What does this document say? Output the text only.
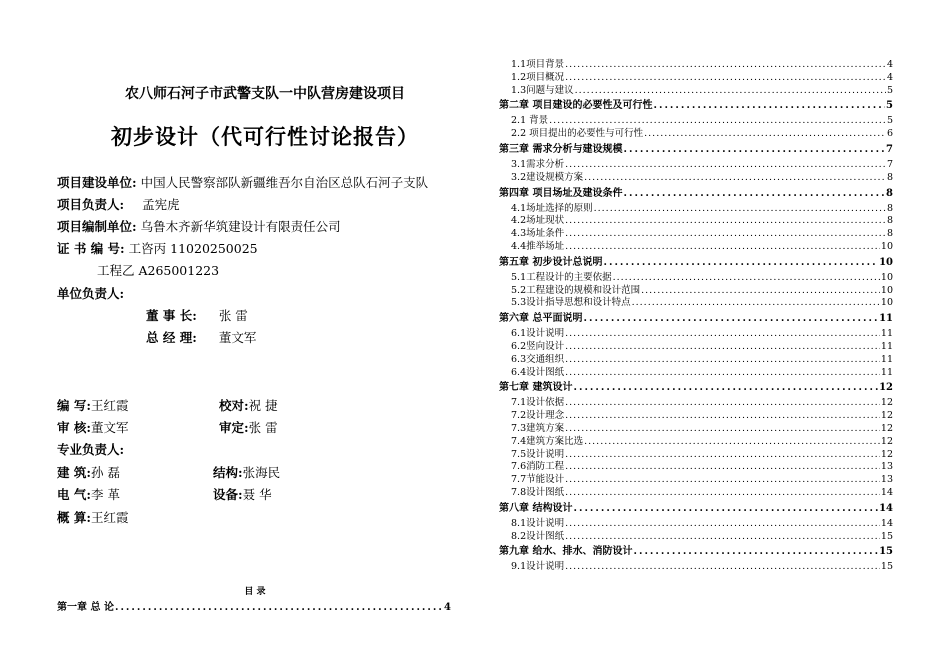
农八师石河子市武警支队一中队营房建设项目
初步设计（代可行性讨论报告）
项目建设单位: 中国人民警察部队新疆维吾尔自治区总队石河子支队
项目负责人: 孟宪虎
项目编制单位: 乌鲁木齐新华筑建设计有限责任公司
证 书 编 号: 工咨丙 11020250025
工程乙 A265001223
单位负责人:
董 事 长: 张 雷
总 经 理: 董文军
编 写:王红霞	校对:祝 捷
审 核:董文军	审定:张 雷
专业负责人:
建 筑:孙 磊	结构:张海民
电 气:李 革	设备:聂 华
概 算:王红霞
目 录
第一章 总 论 .....	4
1.1项目背景 .....	4
1.2项目概况 .....	4
1.3问题与建议 .....	5
第二章 项目建设的必要性及可行性 .....	5
2.1 背景 .....	5
2.2 项目提出的必要性与可行性 .....	6
第三章 需求分析与建设规模 .....	7
3.1需求分析 .....	7
3.2建设规模方案 .....	8
第四章 项目场址及建设条件 .....	8
4.1场址选择的原则 .....	8
4.2场址现状 .....	8
4.3场址条件 .....	8
4.4推举场址 .....	10
第五章 初步设计总说明 .....	10
5.1工程设计的主要依据 .....	10
5.2工程建设的规模和设计范围 .....	10
5.3设计指导思想和设计特点 .....	10
第六章 总平面说明 .....	11
6.1设计说明 .....	11
6.2竖向设计 .....	11
6.3交通组织 .....	11
6.4设计图纸 .....	11
第七章 建筑设计 .....	12
7.1设计依据 .....	12
7.2设计理念 .....	12
7.3建筑方案 .....	12
7.4建筑方案比选 .....	12
7.5设计说明 .....	12
7.6消防工程 .....	13
7.7节能设计 .....	13
7.8设计图纸 .....	14
第八章 结构设计 .....	14
8.1设计说明 .....	14
8.2设计图纸 .....	15
第九章 给水、排水、消防设计 .....	15
9.1设计说明 .....	15
